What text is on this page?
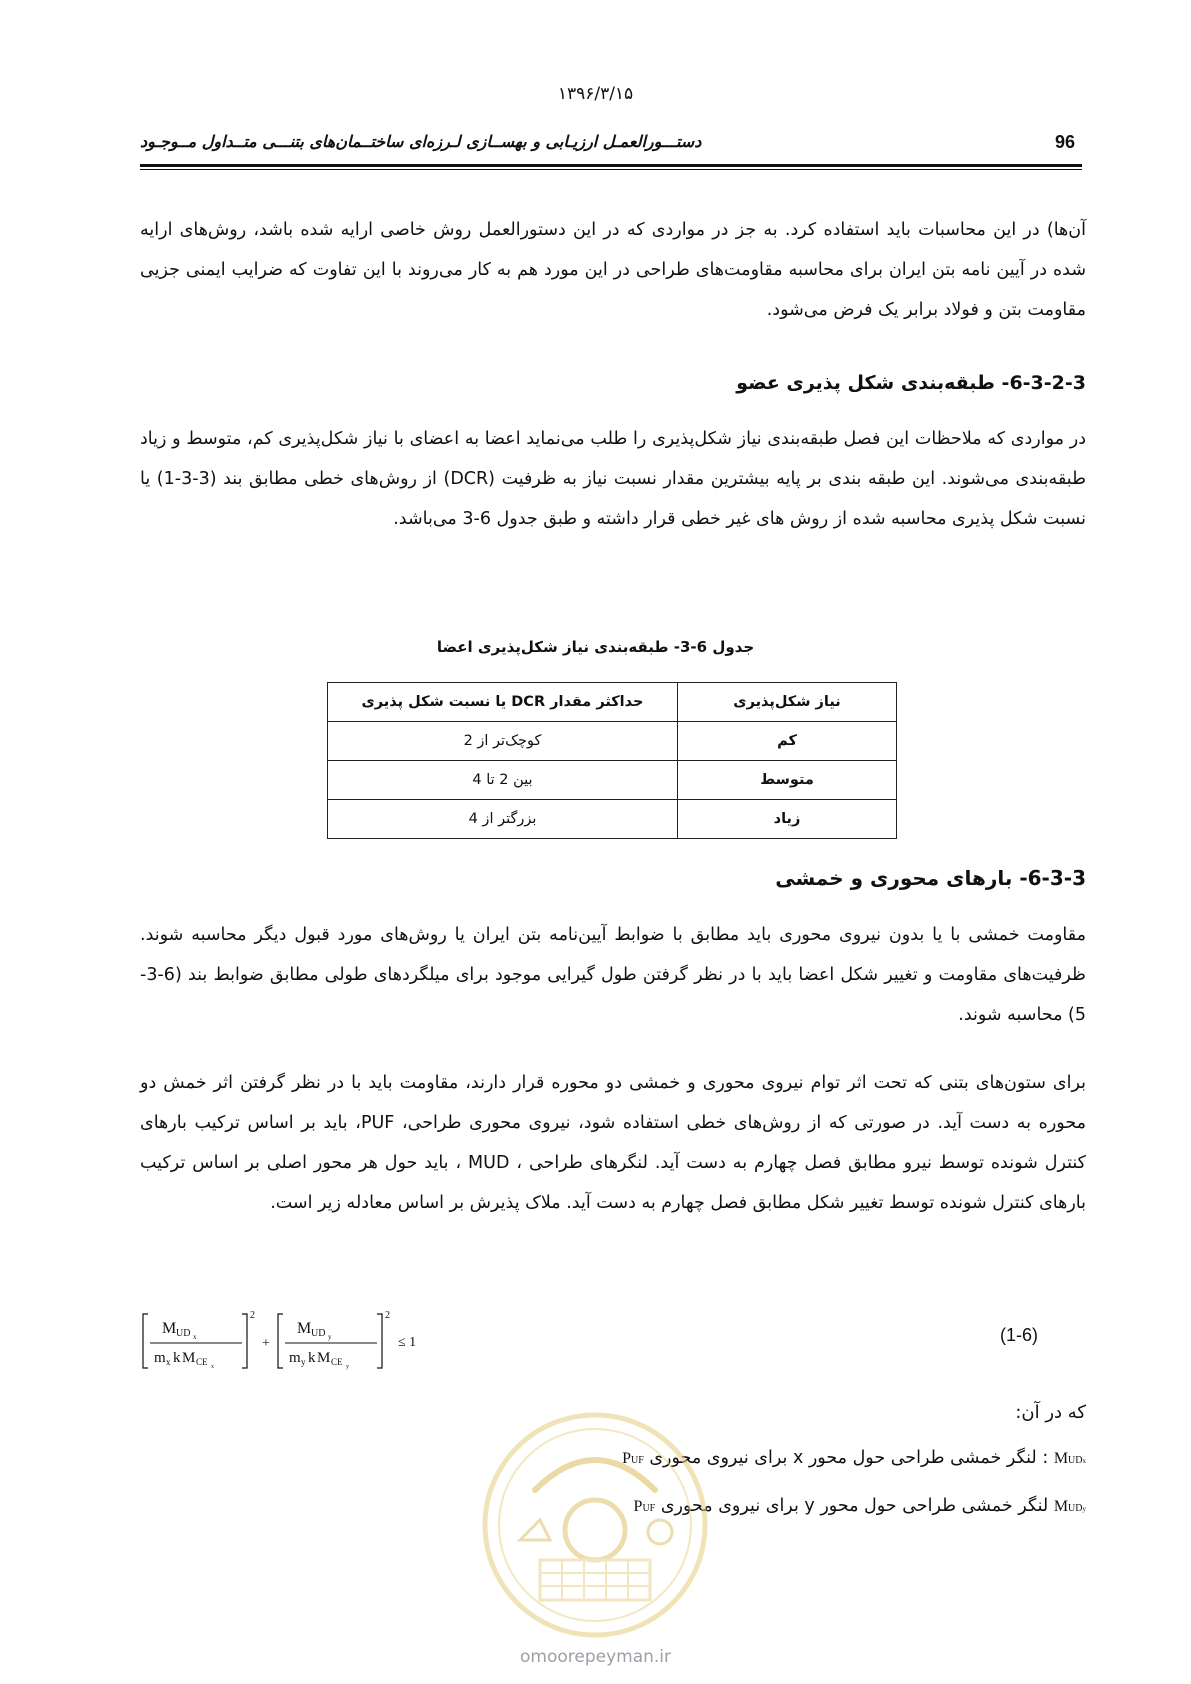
۱۳۹۶/۳/۱۵
96
دستـــورالعمـل ارزیـابی و بهســازی لـرزه‌ای ساختــمان‌های بتنـــی متــداول مــوجـود
آن‌ها) در این محاسبات باید استفاده کرد. به جز در مواردی که در این دستورالعمل روش خاصی ارایه شده باشد، روش‌های ارایه شده در آیین نامه بتن ایران برای محاسبه مقاومت‌های طراحی در این مورد هم به کار می‌روند با این تفاوت که ضرایب ایمنی جزیی مقاومت بتن و فولاد برابر یک فرض می‌شود.
6-3-2-3- طبقه‌بندی شکل پذیری عضو
در مواردی که ملاحظات این فصل طبقه‌بندی نیاز شکل‌پذیری را طلب می‌نماید اعضا به اعضای با نیاز شکل‌پذیری کم، متوسط و زیاد طبقه‌بندی می‌شوند. این طبقه بندی بر پایه بیشترین مقدار نسبت نیاز به ظرفیت (DCR) از روش‌های خطی مطابق بند (3-3-1) یا نسبت شکل پذیری محاسبه شده از روش های غیر خطی قرار داشته و طبق جدول 6-3 می‌باشد.
جدول 6-3- طبقه‌بندی نیاز شکل‌پذیری اعضا
نیاز شکل‌پذیری	حداکثر مقدار DCR یا نسبت شکل پذیری
کم	کوچک‌تر از 2
متوسط	بین 2 تا 4
زیاد	بزرگتر از 4
6-3-3- بارهای محوری و خمشی
مقاومت خمشی با یا بدون نیروی محوری باید مطابق با ضوابط آیین‌نامه بتن ایران یا روش‌های مورد قبول دیگر محاسبه شوند. ظرفیت‌های مقاومت و تغییر شکل اعضا باید با در نظر گرفتن طول گیرایی موجود برای میلگردهای طولی مطابق ضوابط بند (6-3-5) محاسبه شوند.
برای ستون‌های بتنی که تحت اثر توام نیروی محوری و خمشی دو محوره قرار دارند، مقاومت باید با در نظر گرفتن اثر خمش دو محوره به دست آید. در صورتی که از روش‌های خطی استفاده شود، نیروی محوری طراحی، PUF، باید بر اساس ترکیب بارهای کنترل شونده توسط نیرو مطابق فصل چهارم به دست آید. لنگرهای طراحی ، MUD ، باید حول هر محور اصلی بر اساس ترکیب بارهای کنترل شونده توسط تغییر شکل مطابق فصل چهارم به دست آید. ملاک پذیرش بر اساس معادله زیر است.
M UD x
m x k M CE x
2
+
M UD y
m y k M CE y
2
≤ 1	(1-6)
که در آن:
MUDx : لنگر خمشی طراحی حول محور x برای نیروی محوری PUF
MUDy لنگر خمشی طراحی حول محور y برای نیروی محوری PUF
omoorepeyman.ir
